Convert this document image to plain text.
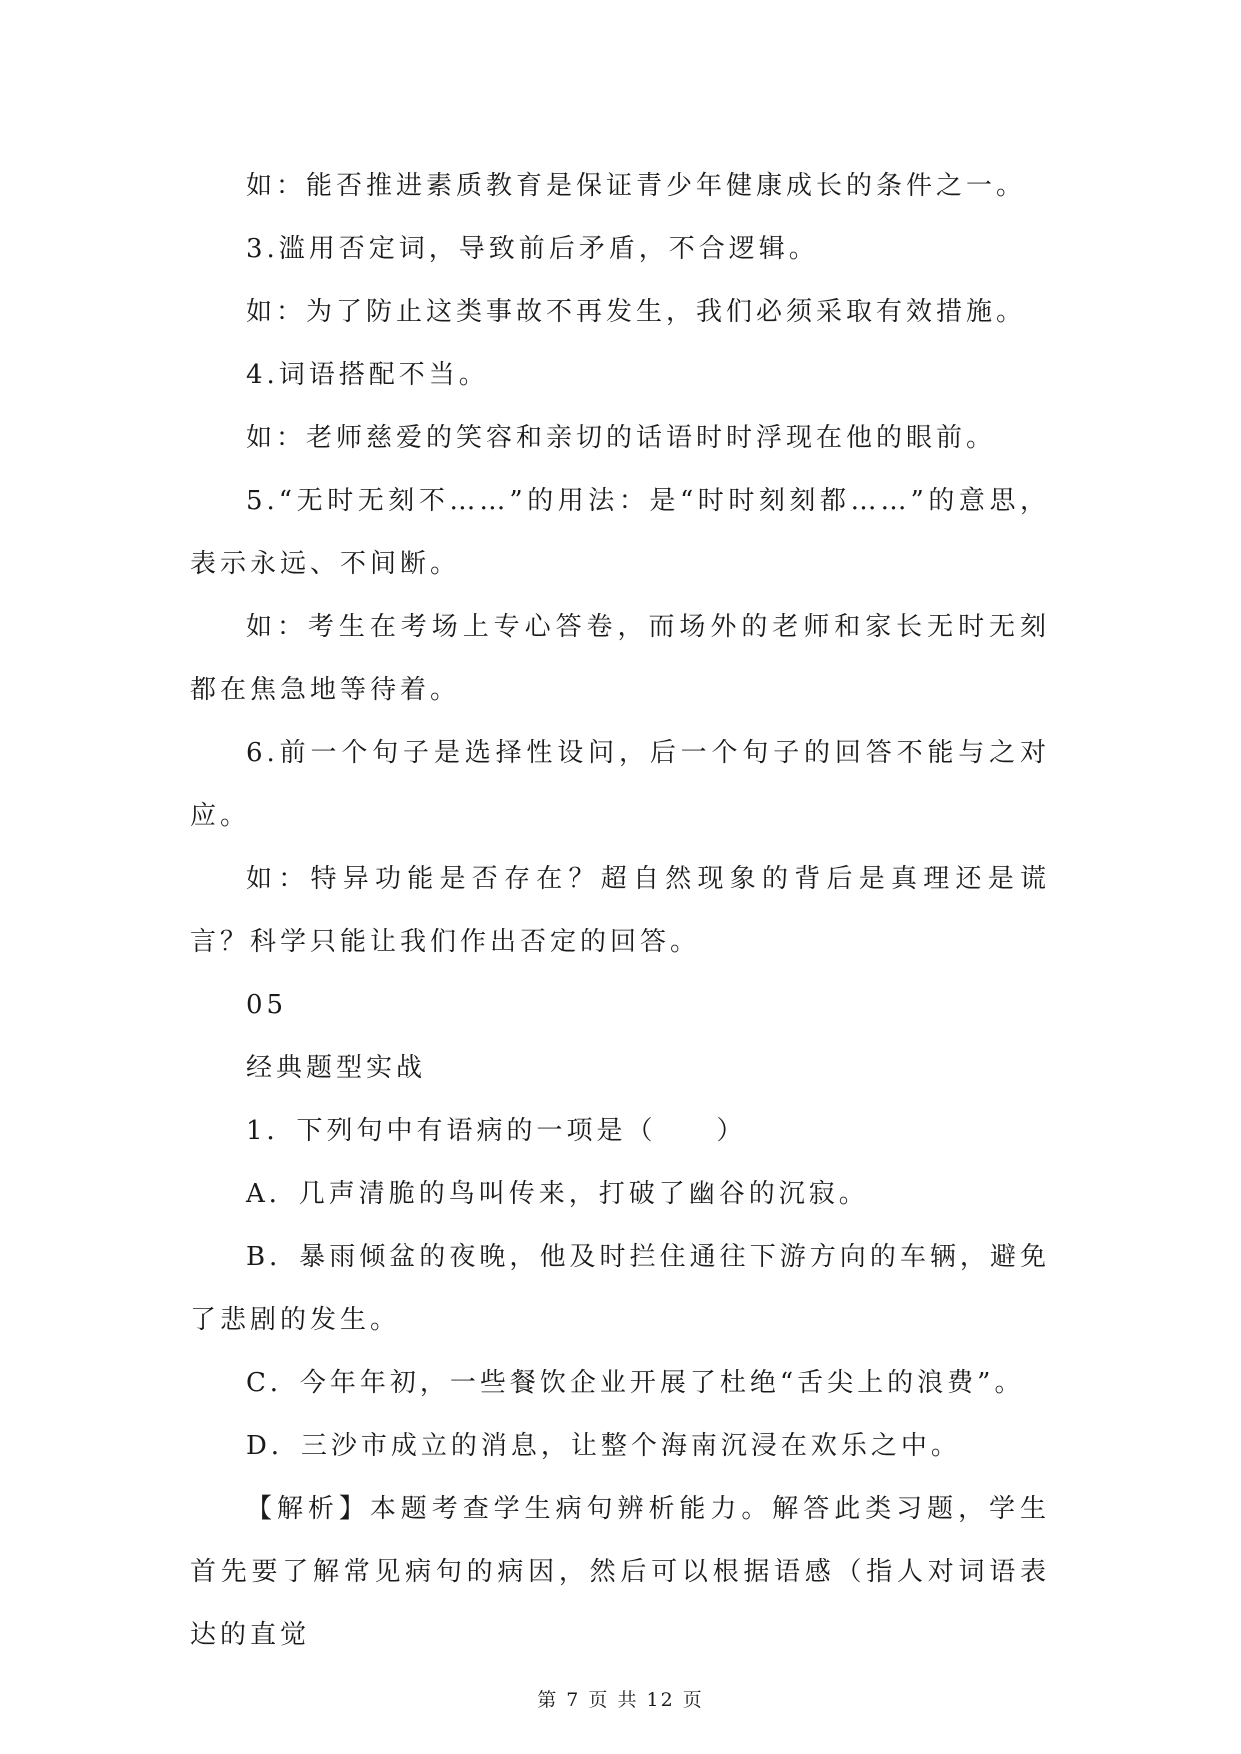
如：能否推进素质教育是保证青少年健康成长的条件之一。

3.滥用否定词，导致前后矛盾，不合逻辑。

如：为了防止这类事故不再发生，我们必须采取有效措施。

4.词语搭配不当。

如：老师慈爱的笑容和亲切的话语时时浮现在他的眼前。

5.“无时无刻不……”的用法：是“时时刻刻都……”的意思，表示永远、不间断。

如：考生在考场上专心答卷，而场外的老师和家长无时无刻都在焦急地等待着。

6.前一个句子是选择性设问，后一个句子的回答不能与之对应。

如：特异功能是否存在？超自然现象的背后是真理还是谎言？科学只能让我们作出否定的回答。

05

经典题型实战

1．下列句中有语病的一项是（　　）

A．几声清脆的鸟叫传来，打破了幽谷的沉寂。

B．暴雨倾盆的夜晚，他及时拦住通往下游方向的车辆，避免了悲剧的发生。

C．今年年初，一些餐饮企业开展了杜绝“舌尖上的浪费”。

D．三沙市成立的消息，让整个海南沉浸在欢乐之中。

【解析】本题考查学生病句辨析能力。解答此类习题，学生首先要了解常见病句的病因，然后可以根据语感（指人对词语表达的直觉

第 7 页 共 12 页
